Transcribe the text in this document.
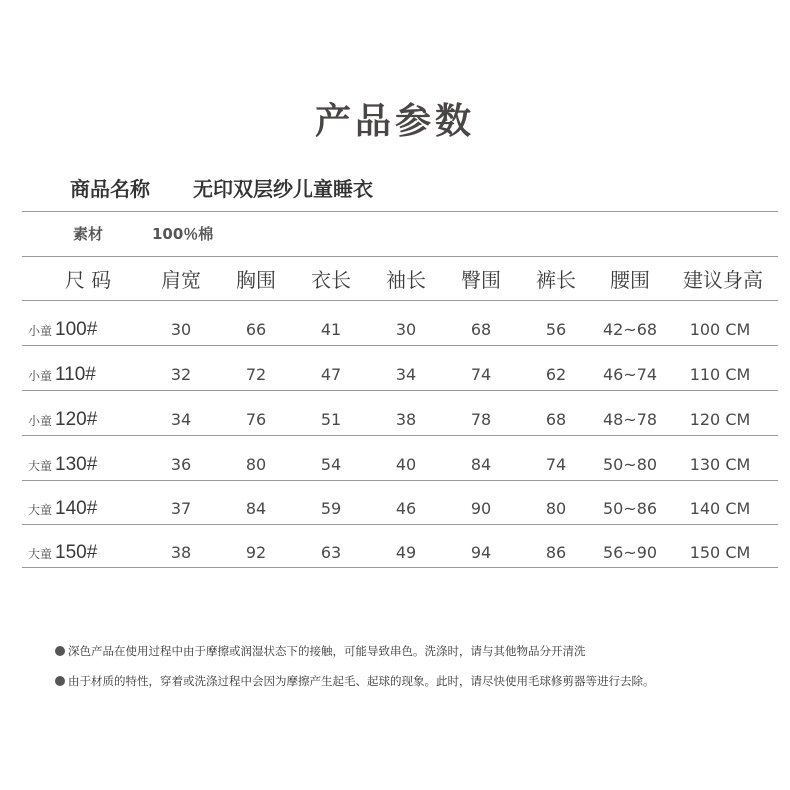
产品参数
商品名称 无印双层纱儿童睡衣
素材	100％棉
尺 码	肩宽	胸围	衣长	袖长	臀围	裤长	腰围	建议身高
小童 100#	30	66	41	30	68	56	42~68	100 CM
小童 110#	32	72	47	34	74	62	46~74	110 CM
小童 120#	34	76	51	38	78	68	48~78	120 CM
大童 130#	36	80	54	40	84	74	50~80	130 CM
大童 140#	37	84	59	46	90	80	50~86	140 CM
大童 150#	38	92	63	49	94	86	56~90	150 CM
深色产品在使用过程中由于摩擦或润湿状态下的接触，可能导致串色。洗涤时，请与其他物品分开清洗
由于材质的特性，穿着或洗涤过程中会因为摩擦产生起毛、起球的现象。此时，请尽快使用毛球修剪器等进行去除。
